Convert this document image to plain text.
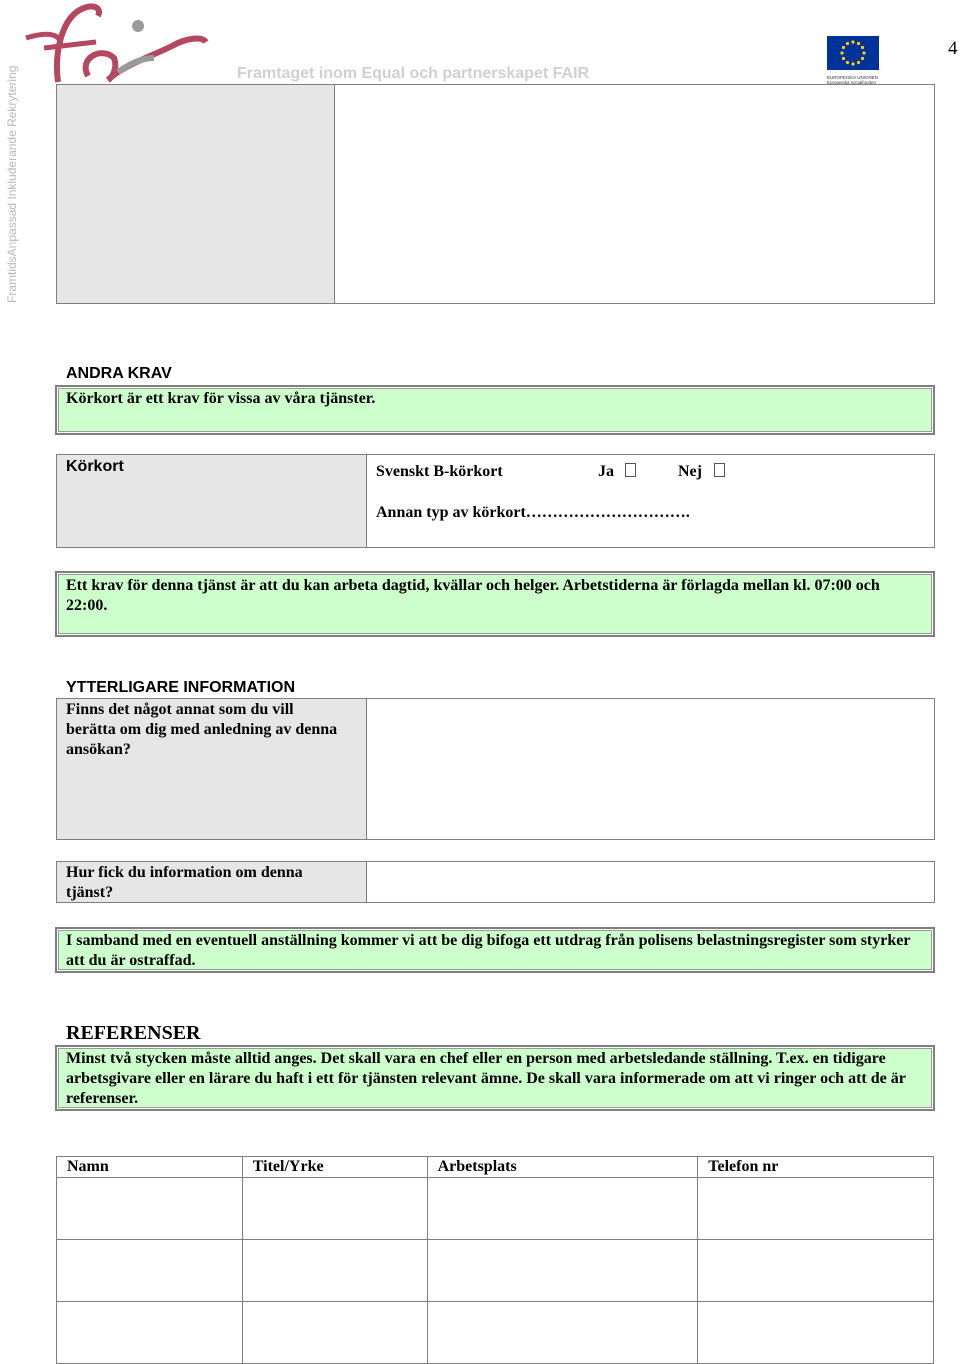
FramtidsAnpassad Inkluderande Rekrytering	Framtaget inom Equal och partnerskapet FAIR	EUROPEISKA UNIONEN
Europeiska socialfonden
4
ANDRA KRAV
Körkort är ett krav för vissa av våra tjänster.
Körkort	Svenskt B-körkort	Ja	Nej
Annan typ av körkort………………………….
Ett krav för denna tjänst är att du kan arbeta dagtid, kvällar och helger. Arbetstiderna är förlagda mellan kl. 07:00 och 22:00.
YTTERLIGARE INFORMATION
Finns det något annat som du vill berätta om dig med anledning av denna ansökan?
Hur fick du information om denna tjänst?
I samband med en eventuell anställning kommer vi att be dig bifoga ett utdrag från polisens belastningsregister som styrker att du är ostraffad.
REFERENSER
Minst två stycken måste alltid anges. Det skall vara en chef eller en person med arbetsledande ställning. T.ex. en tidigare arbetsgivare eller en lärare du haft i ett för tjänsten relevant ämne. De skall vara informerade om att vi ringer och att de är referenser.
Namn	Titel/Yrke	Arbetsplats	Telefon nr
